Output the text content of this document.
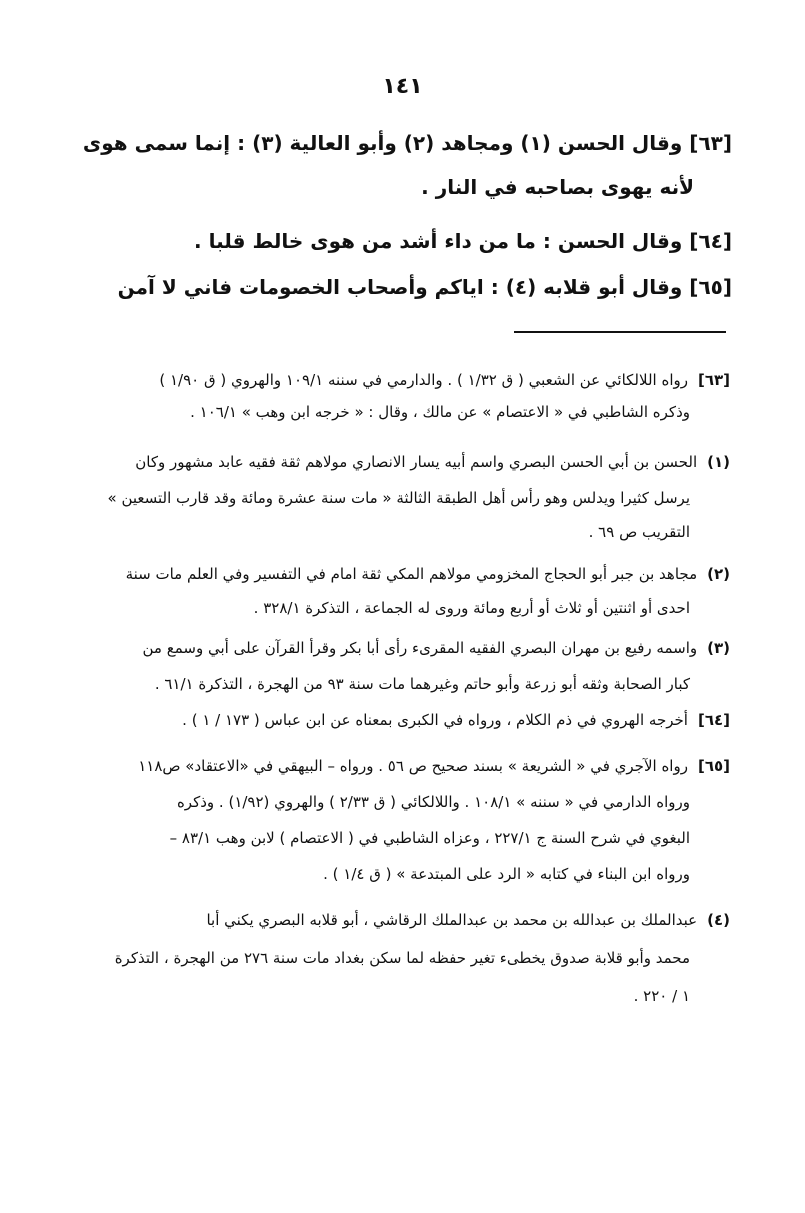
١٤١
[٦٣] وقال الحسن (١) ومجاهد (٢) وأبو العالية (٣) : إنما سمى هوى
لأنه يهوى بصاحبه في النار .
[٦٤] وقال الحسن : ما من داء أشد من هوى خالط قلبا .
[٦٥] وقال أبو قلابه (٤) : اياكم وأصحاب الخصومات فاني لا آمن
[٦٣]رواه اللالكائي عن الشعبي ( ق ١/٣٢ ) . والدارمي في سننه ١٠٩/١ والهروي ( ق ١/٩٠ )
وذكره الشاطبي في « الاعتصام » عن مالك ، وقال : « خرجه ابن وهب » ١٠٦/١ .
(١)الحسن بن أبي الحسن البصري واسم أبيه يسار الانصاري مولاهم ثقة فقيه عابد مشهور وكان
يرسل كثيرا ويدلس وهو رأس أهل الطبقة الثالثة « مات سنة عشرة ومائة وقد قارب التسعين »
التقريب ص ٦٩ .
(٢)مجاهد بن جبر أبو الحجاج المخزومي مولاهم المكي ثقة امام في التفسير وفي العلم مات سنة
احدى أو اثنتين أو ثلاث أو أربع ومائة وروى له الجماعة ، التذكرة ٣٢٨/١ .
(٣)واسمه رفيع بن مهران البصري الفقيه المقرىء رأى أبا بكر وقرأ القرآن على أبي وسمع من
كبار الصحابة وثقه أبو زرعة وأبو حاتم وغيرهما مات سنة ٩٣ من الهجرة ، التذكرة ٦١/١ .
[٦٤]أخرجه الهروي في ذم الكلام ، ورواه في الكبرى بمعناه عن ابن عباس ( ١٧٣ / ١ ) .
[٦٥]رواه الآجري في « الشريعة » بسند صحيح ص ٥٦ . ورواه – البيهقي في «الاعتقاد» ص١١٨
ورواه الدارمي في « سننه » ١٠٨/١ . واللالكائي ( ق ٢/٣٣ ) والهروي (١/٩٢) . وذكره
البغوي في شرح السنة ج ٢٢٧/١ ، وعزاه الشاطبي في ( الاعتصام ) لابن وهب ٨٣/١ –
ورواه ابن البناء في كتابه « الرد على المبتدعة » ( ق ١/٤ ) .
(٤)عبدالملك بن عبدالله بن محمد بن عبدالملك الرقاشي ، أبو قلابه البصري يكني أبا
محمد وأبو قلابة صدوق يخطىء تغير حفظه لما سكن بغداد مات سنة ٢٧٦ من الهجرة ، التذكرة
١ / ٢٢٠ .
